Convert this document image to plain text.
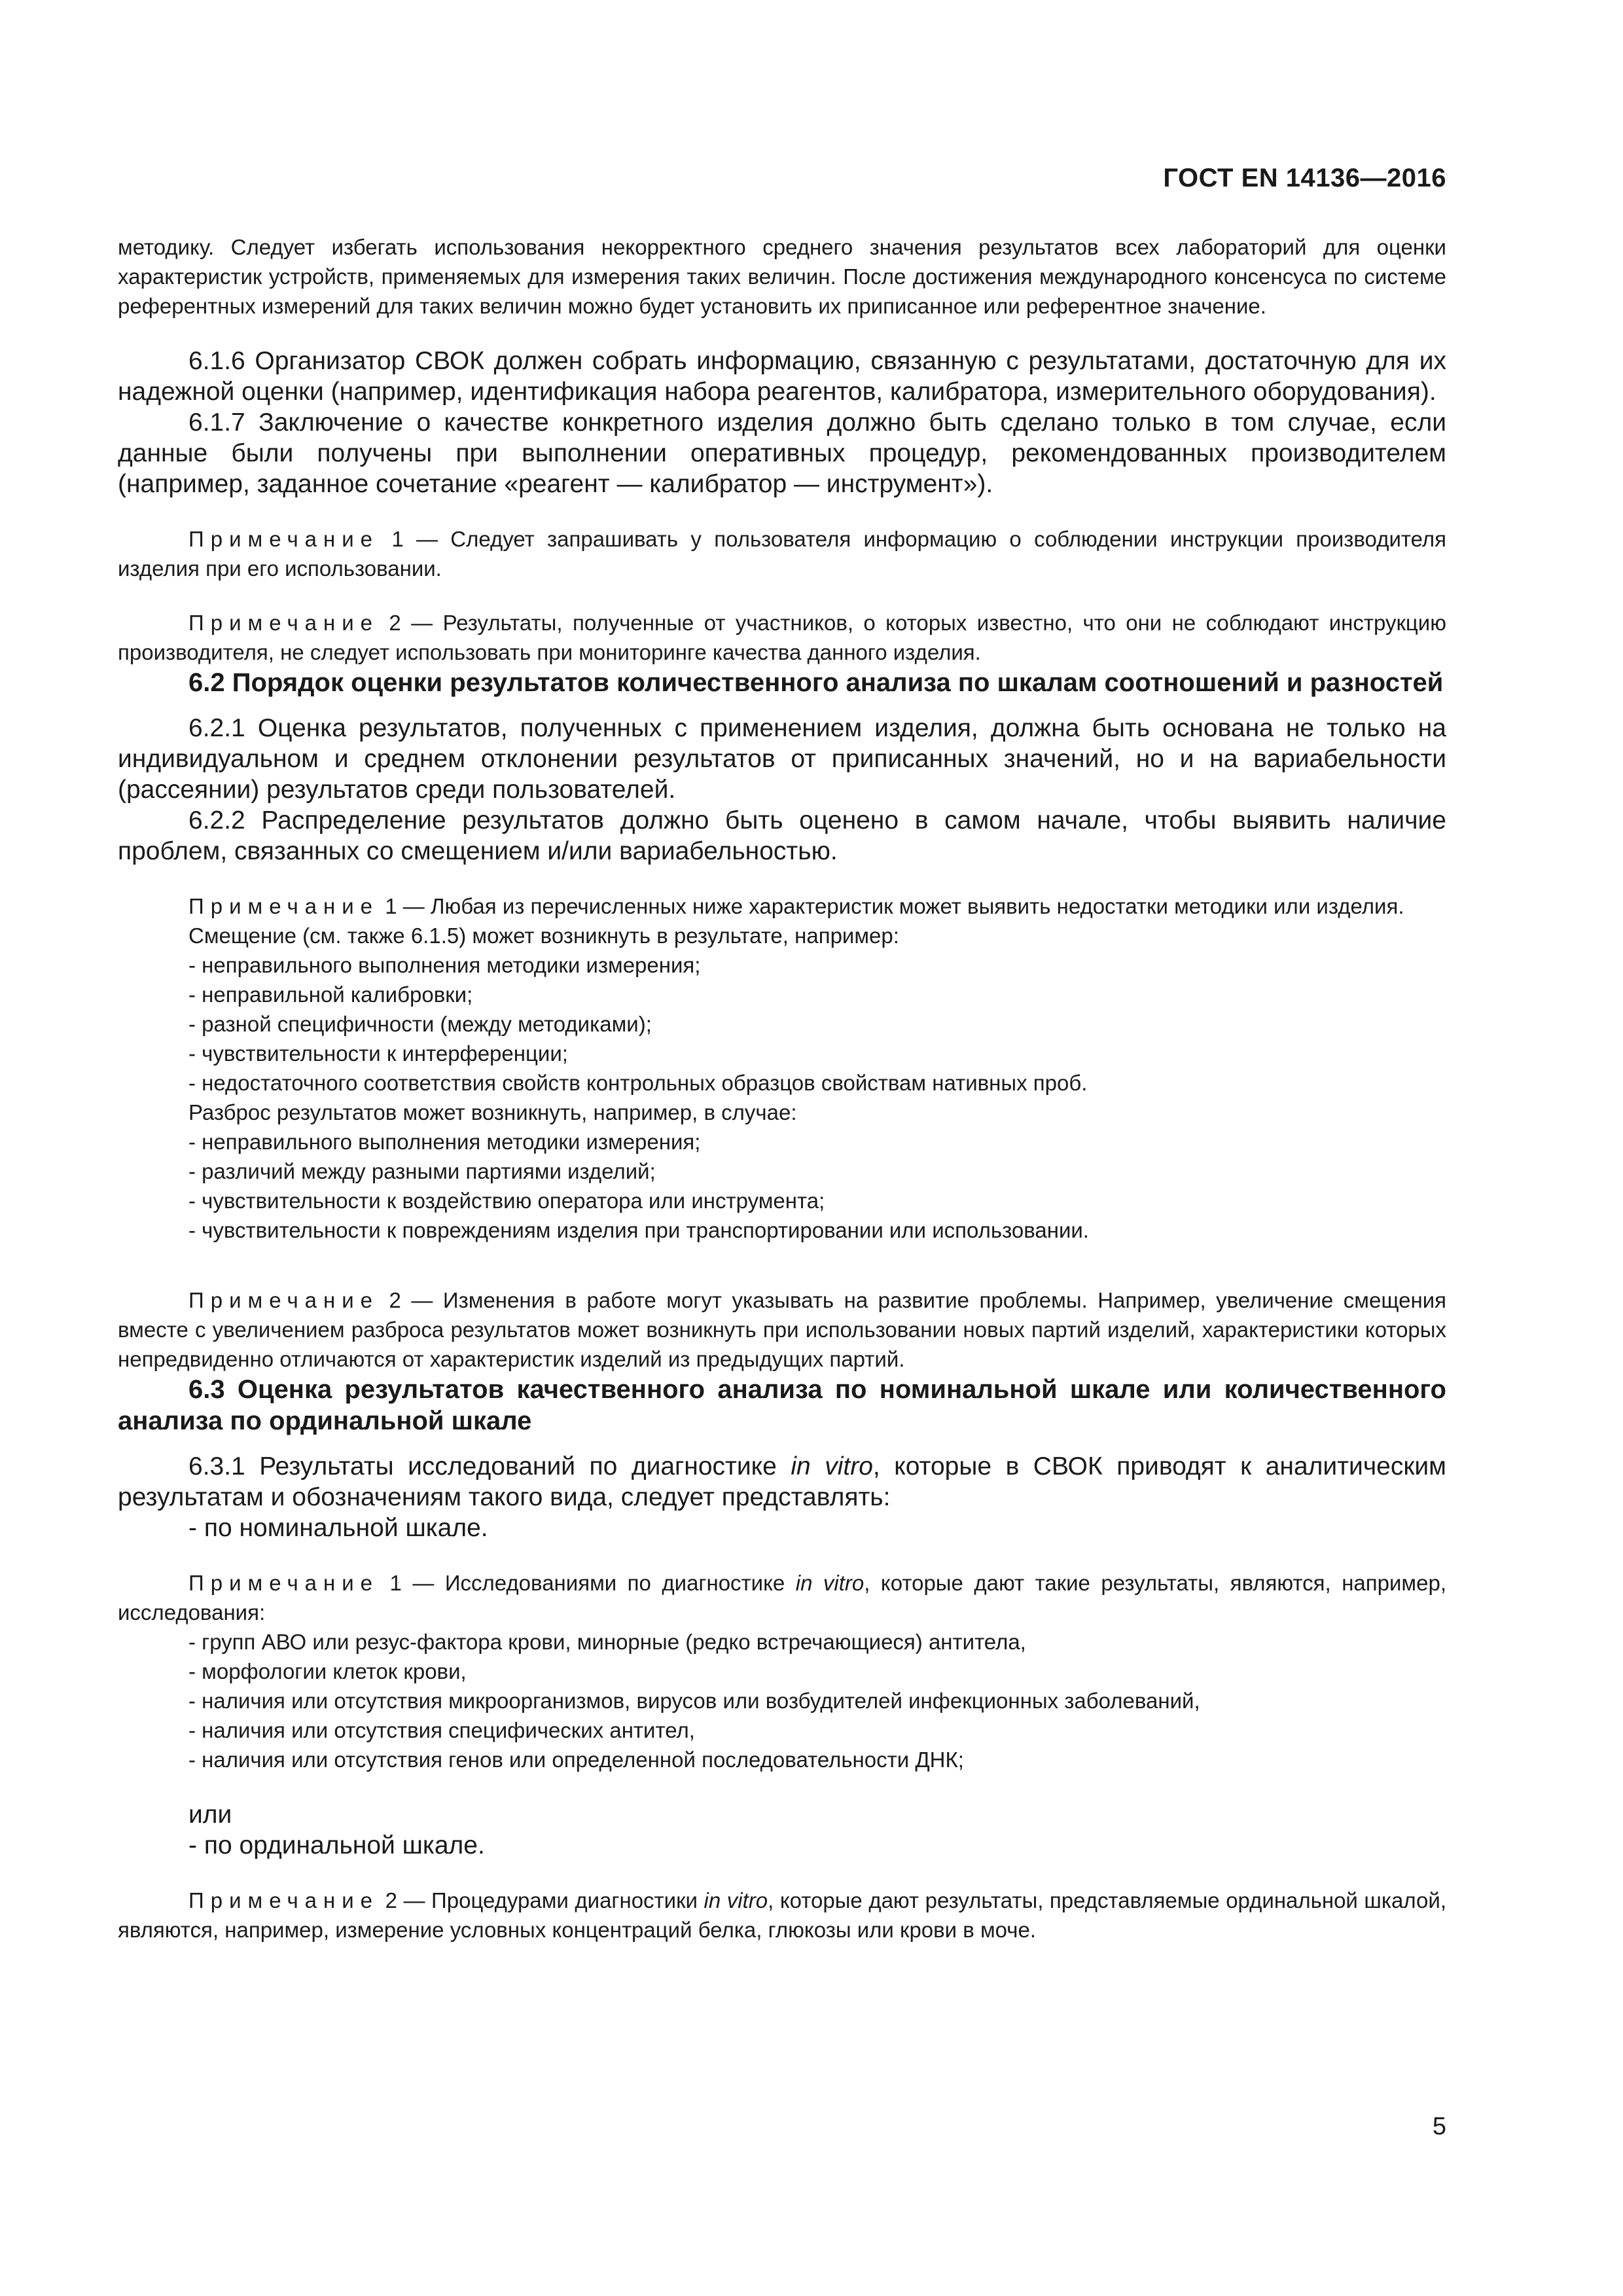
ГОСТ EN 14136—2016

методику. Следует избегать использования некорректного среднего значения результатов всех лабораторий для оценки характеристик устройств, применяемых для измерения таких величин. После достижения международного консенсуса по системе референтных измерений для таких величин можно будет установить их приписанное или референтное значение.

6.1.6 Организатор СВОК должен собрать информацию, связанную с результатами, достаточную для их надежной оценки (например, идентификация набора реагентов, калибратора, измерительного оборудования).

6.1.7 Заключение о качестве конкретного изделия должно быть сделано только в том случае, если данные были получены при выполнении оперативных процедур, рекомендованных производителем (например, заданное сочетание «реагент — калибратор — инструмент»).

Примечание 1 — Следует запрашивать у пользователя информацию о соблюдении инструкции производителя изделия при его использовании.

Примечание 2 — Результаты, полученные от участников, о которых известно, что они не соблюдают инструкцию производителя, не следует использовать при мониторинге качества данного изделия.

6.2 Порядок оценки результатов количественного анализа по шкалам соотношений и разностей

6.2.1 Оценка результатов, полученных с применением изделия, должна быть основана не только на индивидуальном и среднем отклонении результатов от приписанных значений, но и на вариабельности (рассеянии) результатов среди пользователей.

6.2.2 Распределение результатов должно быть оценено в самом начале, чтобы выявить наличие проблем, связанных со смещением и/или вариабельностью.

Примечание 1 — Любая из перечисленных ниже характеристик может выявить недостатки методики или изделия.

Смещение (см. также 6.1.5) может возникнуть в результате, например:
- неправильного выполнения методики измерения;
- неправильной калибровки;
- разной специфичности (между методиками);
- чувствительности к интерференции;
- недостаточного соответствия свойств контрольных образцов свойствам нативных проб.
Разброс результатов может возникнуть, например, в случае:
- неправильного выполнения методики измерения;
- различий между разными партиями изделий;
- чувствительности к воздействию оператора или инструмента;
- чувствительности к повреждениям изделия при транспортировании или использовании.

Примечание 2 — Изменения в работе могут указывать на развитие проблемы. Например, увеличение смещения вместе с увеличением разброса результатов может возникнуть при использовании новых партий изделий, характеристики которых непредвиденно отличаются от характеристик изделий из предыдущих партий.

6.3 Оценка результатов качественного анализа по номинальной шкале или количественного анализа по ординальной шкале

6.3.1 Результаты исследований по диагностике in vitro, которые в СВОК приводят к аналитическим результатам и обозначениям такого вида, следует представлять:

- по номинальной шкале.

Примечание 1 — Исследованиями по диагностике in vitro, которые дают такие результаты, являются, например, исследования:

- групп АВО или резус-фактора крови, минорные (редко встречающиеся) антитела,
- морфологии клеток крови,
- наличия или отсутствия микроорганизмов, вирусов или возбудителей инфекционных заболеваний,
- наличия или отсутствия специфических антител,
- наличия или отсутствия генов или определенной последовательности ДНК;
или
- по ординальной шкале.

Примечание 2 — Процедурами диагностики in vitro, которые дают результаты, представляемые ординальной шкалой, являются, например, измерение условных концентраций белка, глюкозы или крови в моче.

5
